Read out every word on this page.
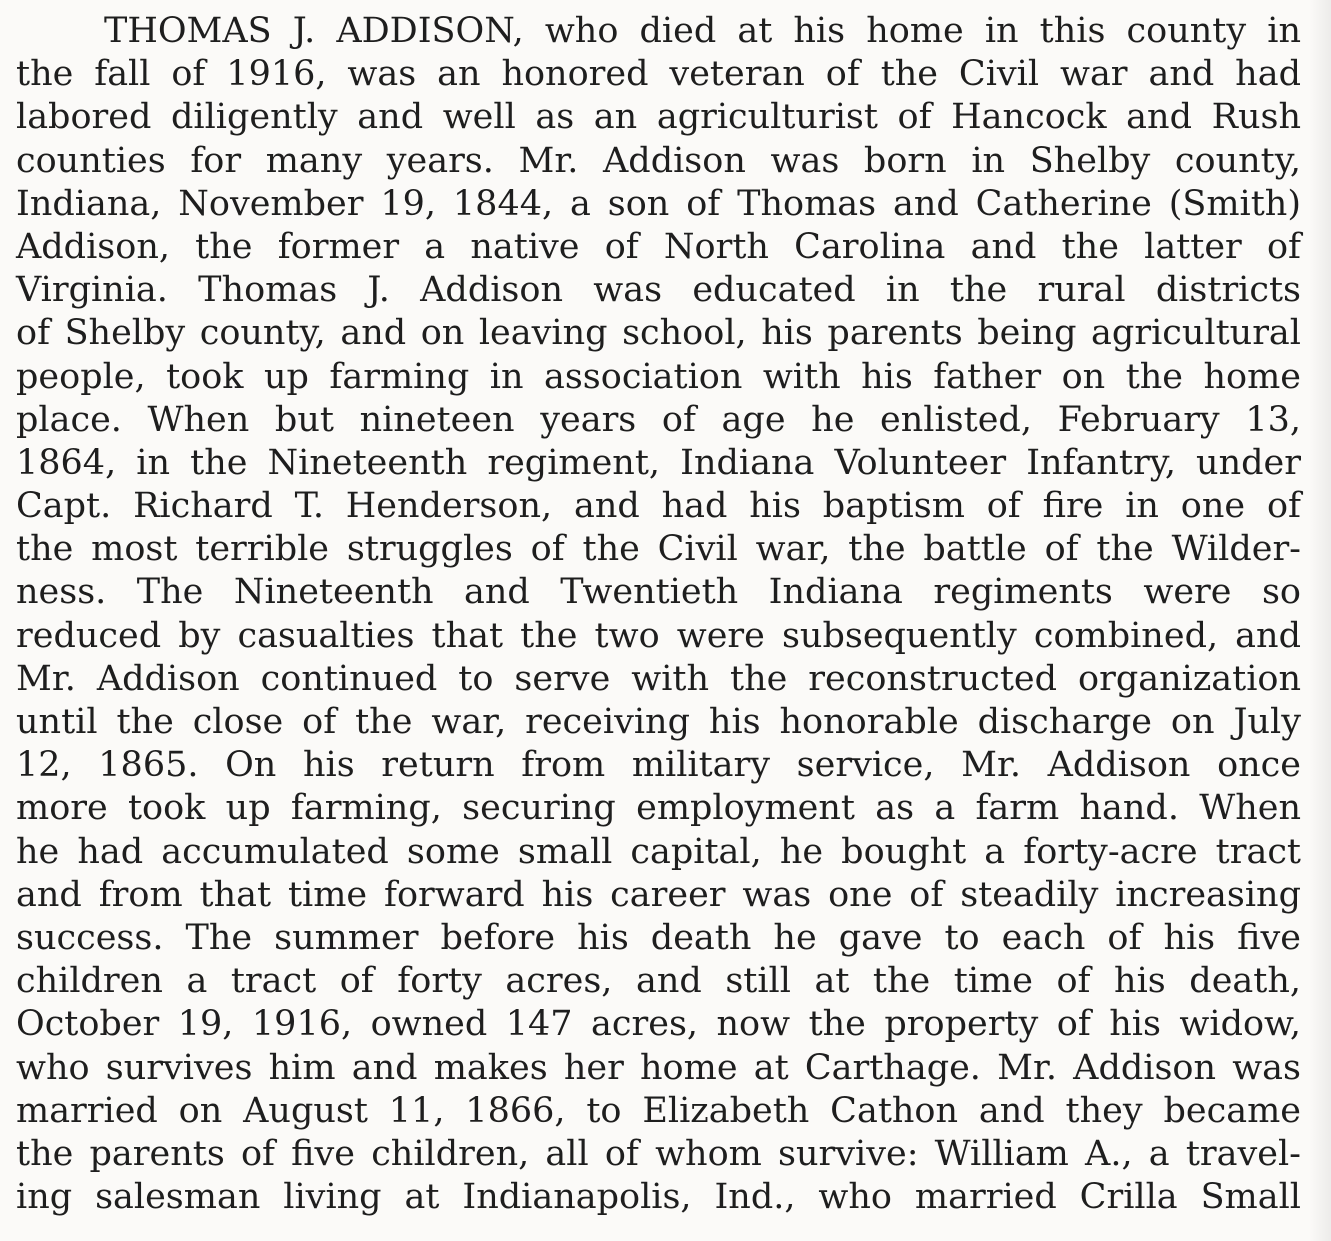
THOMAS J. ADDISON, who died at his home in this county in
the fall of 1916, was an honored veteran of the Civil war and had
labored diligently and well as an agriculturist of Hancock and Rush
counties for many years. Mr. Addison was born in Shelby county,
Indiana, November 19, 1844, a son of Thomas and Catherine (Smith)
Addison, the former a native of North Carolina and the latter of
Virginia. Thomas J. Addison was educated in the rural districts
of Shelby county, and on leaving school, his parents being agricultural
people, took up farming in association with his father on the home
place. When but nineteen years of age he enlisted, February 13,
1864, in the Nineteenth regiment, Indiana Volunteer Infantry, under
Capt. Richard T. Henderson, and had his baptism of fire in one of
the most terrible struggles of the Civil war, the battle of the Wilder-
ness. The Nineteenth and Twentieth Indiana regiments were so
reduced by casualties that the two were subsequently combined, and
Mr. Addison continued to serve with the reconstructed organization
until the close of the war, receiving his honorable discharge on July
12, 1865. On his return from military service, Mr. Addison once
more took up farming, securing employment as a farm hand. When
he had accumulated some small capital, he bought a forty-acre tract
and from that time forward his career was one of steadily increasing
success. The summer before his death he gave to each of his five
children a tract of forty acres, and still at the time of his death,
October 19, 1916, owned 147 acres, now the property of his widow,
who survives him and makes her home at Carthage. Mr. Addison was
married on August 11, 1866, to Elizabeth Cathon and they became
the parents of five children, all of whom survive: William A., a travel-
ing salesman living at Indianapolis, Ind., who married Crilla Small
